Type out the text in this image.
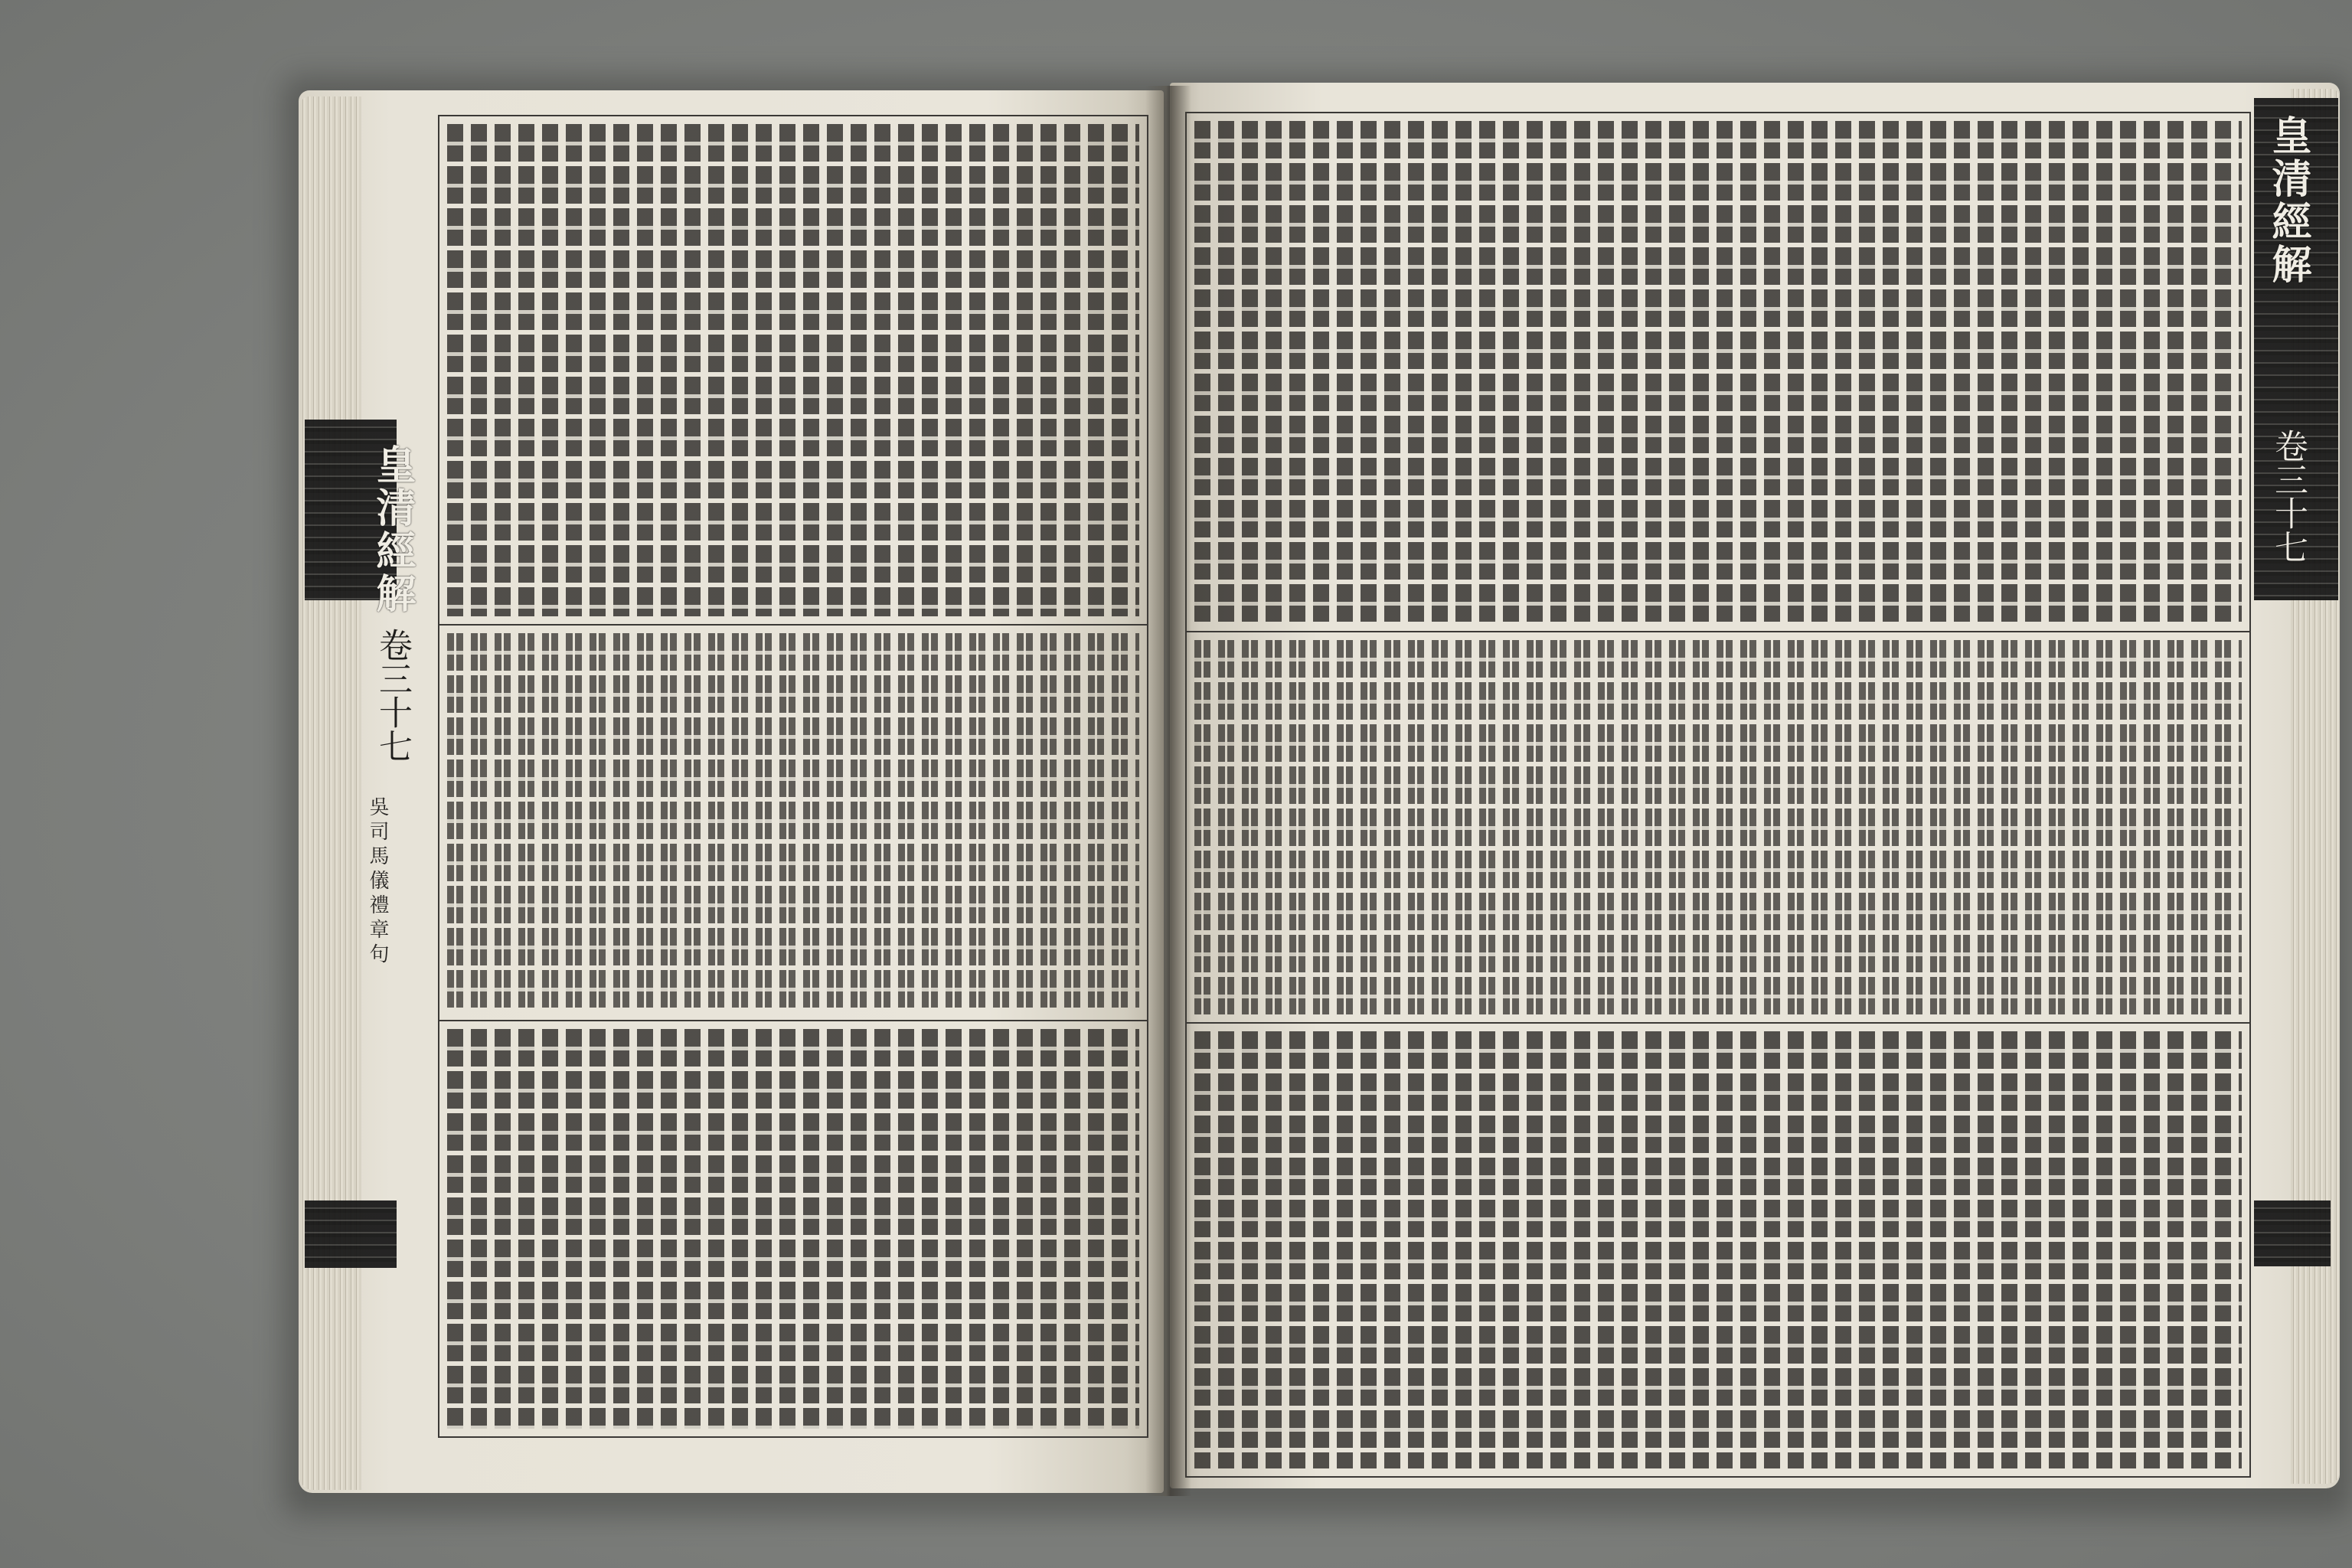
皇清經解
卷三十七
吳司馬儀禮章句
皇清經解
卷三十七
